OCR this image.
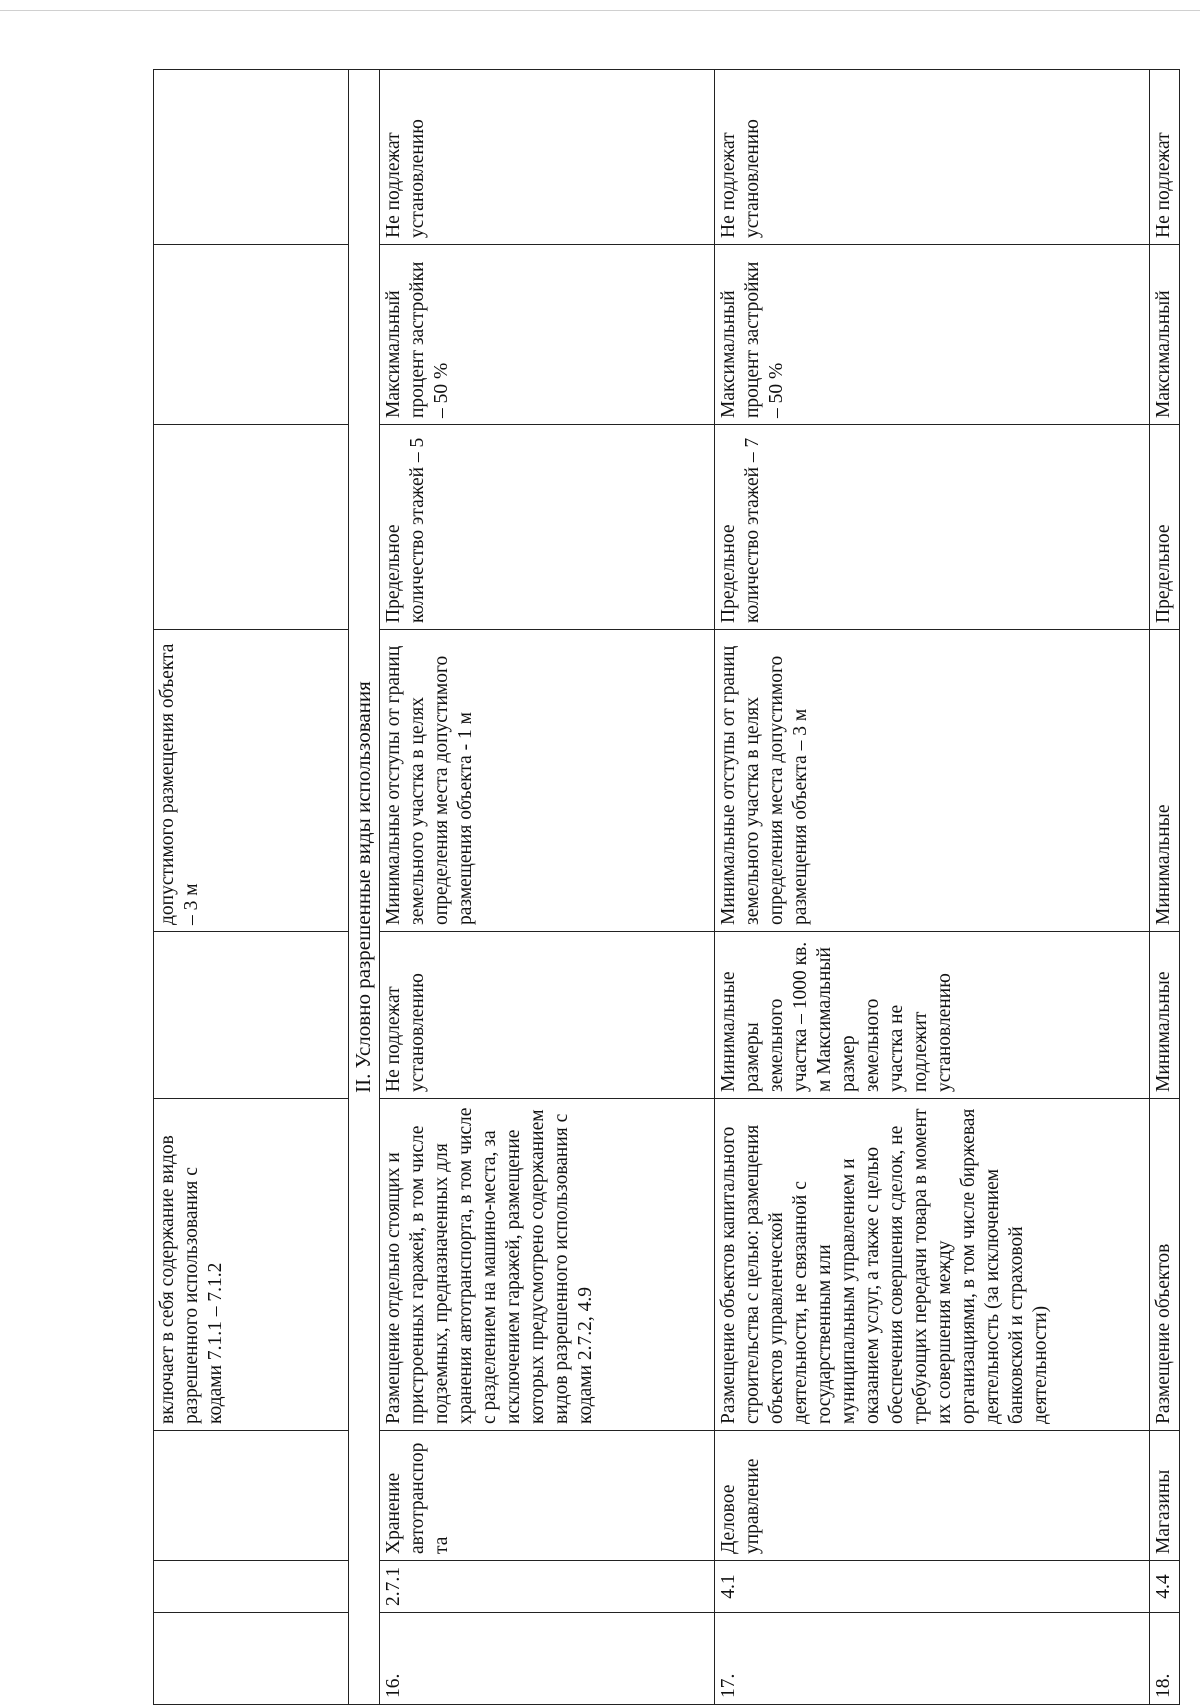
			включает в себя содержание видов разрешенного использования с кодами 7.1.1 – 7.1.2		допустимого размещения объекта – 3 м			
II. Условно разрешенные виды использования								
16.	2.7.1	Хранение автотранспорта	Размещение отдельно стоящих и пристроенных гаражей, в том числе подземных, предназначенных для хранения автотранспорта, в том числе с разделением на машино-места, за исключением гаражей, размещение которых предусмотрено содержанием видов разрешенного использования с кодами 2.7.2, 4.9	Не подлежат установлению	Минимальные отступы от границ земельного участка в целях определения места допустимого размещения объекта - 1 м	Предельное количество этажей – 5	Максимальный процент застройки – 50 %	Не подлежат установлению
17.	4.1	Деловое управление	Размещение объектов капитального строительства с целью: размещения объектов управленческой деятельности, не связанной с государственным или муниципальным управлением и оказанием услуг, а также с целью обеспечения совершения сделок, не требующих передачи товара в момент их совершения между организациями, в том числе биржевая деятельность (за исключением банковской и страховой деятельности)	Минимальные размеры земельного участка – 1000 кв. м Максимальный размер земельного участка не подлежит установлению	Минимальные отступы от границ земельного участка в целях определения места допустимого размещения объекта – 3 м	Предельное количество этажей – 7	Максимальный процент застройки – 50 %	Не подлежат установлению
18.	4.4	Магазины	Размещение объектов	Минимальные	Минимальные	Предельное	Максимальный	Не подлежат
